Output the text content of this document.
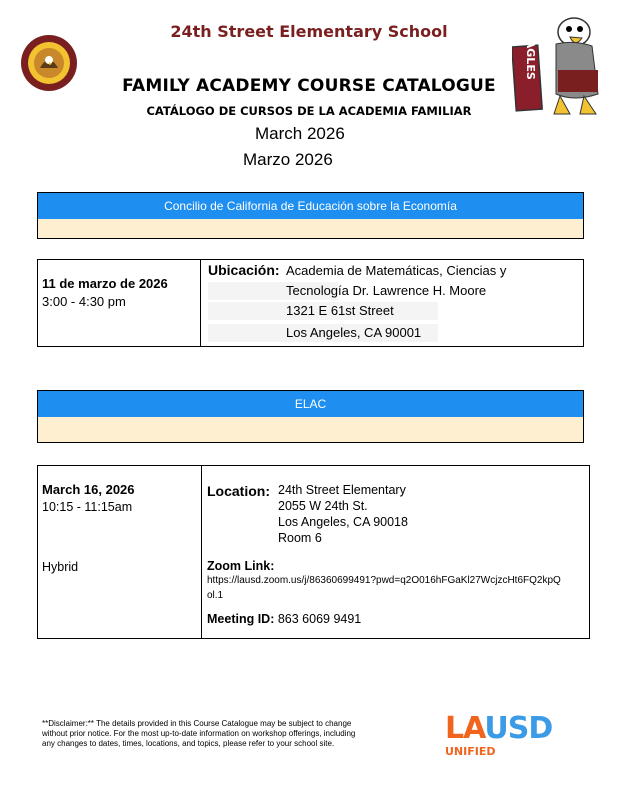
24th Street Elementary School
EAGLES
FAMILY ACADEMY COURSE CATALOGUE
CATÁLOGO DE CURSOS DE LA ACADEMIA FAMILIAR
March 2026
Marzo 2026
Concilio de California de Educación sobre la Economía
11 de marzo de 2026
3:00 - 4:30 pm
Ubicación: Academia de Matemáticas, Ciencias y
Tecnología Dr. Lawrence H. Moore
1321 E 61st Street
Los Angeles, CA 90001
ELAC
March 16, 2026
10:15 - 11:15am
Hybrid
Location: 24th Street Elementary
2055 W 24th St.
Los Angeles, CA 90018
Room 6
Zoom Link:
https://lausd.zoom.us/j/86360699491?pwd=q2O016hFGaKl27WcjzcHt6FQ2kpQ
ol.1
Meeting ID: 863 6069 9491
**Disclaimer:** The details provided in this Course Catalogue may be subject to change
without prior notice. For the most up-to-date information on workshop offerings, including
any changes to dates, times, locations, and topics, please refer to your school site.	LAUSD
UNIFIED
